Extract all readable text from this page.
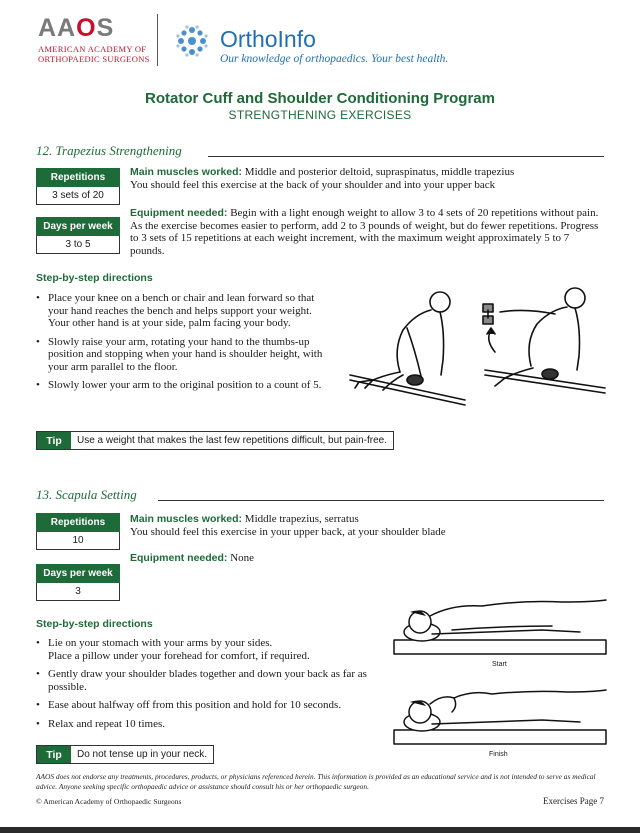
AAOS
AMERICAN ACADEMY OF ORTHOPAEDIC SURGEONS
OrthoInfo
Our knowledge of orthopaedics. Your best health.
Rotator Cuff and Shoulder Conditioning Program
STRENGTHENING EXERCISES
12. Trapezius Strengthening
Repetitions
3 sets of 20
Days per week
3 to 5
Main muscles worked: Middle and posterior deltoid, supraspinatus, middle trapezius
You should feel this exercise at the back of your shoulder and into your upper back
Equipment needed: Begin with a light enough weight to allow 3 to 4 sets of 20 repetitions without pain. As the exercise becomes easier to perform, add 2 to 3 pounds of weight, but do fewer repetitions. Progress to 3 sets of 15 repetitions at each weight increment, with the maximum weight approximately 5 to 7 pounds.
Step-by-step directions
• Place your knee on a bench or chair and lean forward so that your hand reaches the bench and helps support your weight. Your other hand is at your side, palm facing your body.
• Slowly raise your arm, rotating your hand to the thumbs-up position and stopping when your hand is shoulder height, with your arm parallel to the floor.
• Slowly lower your arm to the original position to a count of 5.
Tip	Use a weight that makes the last few repetitions difficult, but pain-free.
13. Scapula Setting
Repetitions
10
Days per week
3
Main muscles worked: Middle trapezius, serratus
You should feel this exercise in your upper back, at your shoulder blade
Equipment needed: None
Step-by-step directions
• Lie on your stomach with your arms by your sides.
Place a pillow under your forehead for comfort, if required.
• Gently draw your shoulder blades together and down your back as far as possible.
• Ease about halfway off from this position and hold for 10 seconds.
• Relax and repeat 10 times.
Start
Finish
Tip	Do not tense up in your neck.
AAOS does not endorse any treatments, procedures, products, or physicians referenced herein. This information is provided as an educational service and is not intended to serve as medical advice. Anyone seeking specific orthopaedic advice or assistance should consult his or her orthopaedic surgeon.
© American Academy of Orthopaedic Surgeons	Exercises Page 7
